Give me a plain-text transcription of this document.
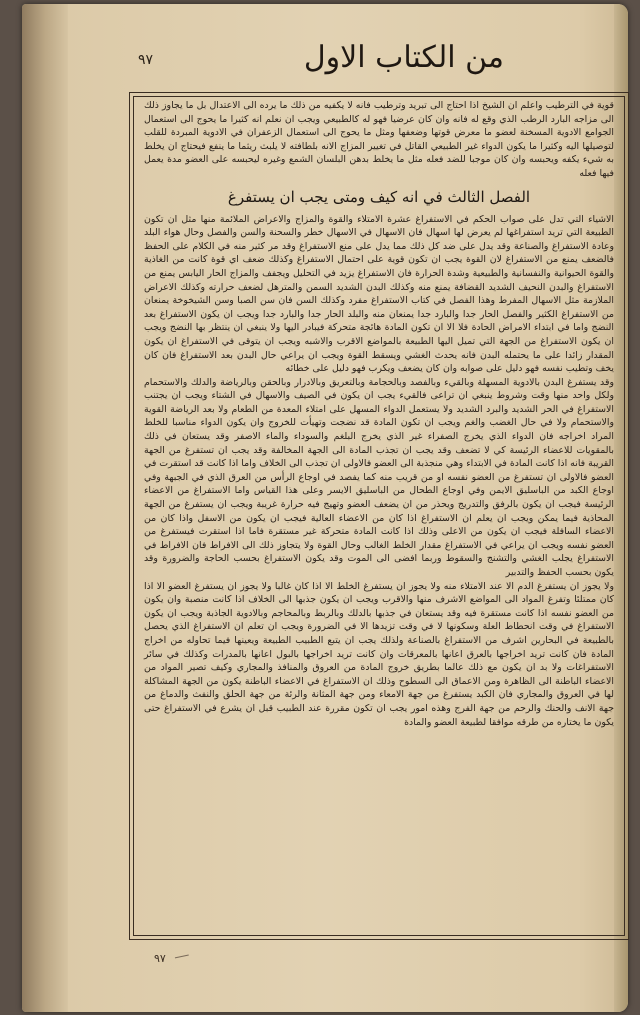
٩٧	من الكتاب الاول

قوية في الترطيب واعلم ان الشيخ اذا احتاج الى تبريد وترطيب فانه لا يكفيه من ذلك ما يرده الى الاعتدال بل ما يجاوز ذلك الى مزاجه البارد الرطب الذي وقع له فانه وان كان عرضيا فهو له كالطبيعي ويجب ان نعلم انه كثيرا ما يحوج الى استعمال الجوامع الادوية المسخنة لعضو ما معرض قوتها وضعفها ومثل ما يحوج الى استعمال الزعفران في الادوية المبردة للقلب لتوصيلها اليه وكثيرا ما يكون الدواء غير الطبيعي القاتل في تغيير المزاج الانه بلطافته لا يلبث ريثما ما ينفع فيحتاج ان يخلط به شيء يكفه ويحبسه وان كان موجبا للضد فعله مثل ما يخلط بدهن البلسان الشمع وغيره ليحبسه على العضو مدة يعمل فيها فعله

الفصل الثالث في انه كيف ومتى يجب ان يستفرغ

الاشياء التي تدل على صواب الحكم في الاستفراغ عشرة الامتلاء والقوة والمزاج والاعراض الملائمة منها مثل ان تكون الطبيعة التي تريد استفراغها لم يعرض لها اسهال فان الاسهال في الاسهال خطر والسحنة والسن والفصل وحال هواء البلد وعادة الاستفراغ والصناعة وقد يدل على ضد كل ذلك مما يدل على منع الاستفراغ وقد مر كثير منه في الكلام على الحفظ فالضعف يمنع من الاستفراغ لان القوة يجب ان تكون قوية على احتمال الاستفراغ وكذلك ضعف اي قوة كانت من الغاذية والقوة الحيوانية والنفسانية والطبيعية وشدة الحرارة فان الاستفراغ يزيد في التحليل ويجفف والمزاج الحار اليابس يمنع من الاستفراغ والبدن النحيف الشديد القضافة يمنع منه وكذلك البدن الشديد السمن والمترهل لضعف حرارته وكذلك الاعراض الملازمة مثل الاسهال المفرط وهذا الفصل في كتاب الاستفراغ مفرد وكذلك السن فان سن الصبا وسن الشيخوخة يمنعان من الاستفراغ الكثير والفصل الحار جدا والبارد جدا يمنعان منه والبلد الحار جدا والبارد جدا ويجب ان يكون الاستفراغ بعد النضج واما في ابتداء الامراض الحادة فلا الا ان تكون المادة هائجة متحركة فيبادر اليها ولا ينبغي ان ينتظر بها النضج ويجب ان يكون الاستفراغ من الجهة التي تميل اليها الطبيعة بالمواضع الاقرب والاشبه ويجب ان يتوقى في الاستفراغ ان يكون المقدار زائدا على ما يحتمله البدن فانه يحدث الغشي ويسقط القوة ويجب ان يراعي حال البدن بعد الاستفراغ فان كان يخف وتطيب نفسه فهو دليل على صوابه وان كان يضعف ويكرب فهو دليل على خطائه

وقد يستفرغ البدن بالادوية المسهلة وبالقيء وبالفصد وبالحجامة وبالتعريق وبالادرار وبالحقن وبالرياضة والدلك والاستحمام ولكل واحد منها وقت وشروط ينبغي ان تراعى فالقيء يجب ان يكون في الصيف والاسهال في الشتاء ويجب ان يجتنب الاستفراغ في الحر الشديد والبرد الشديد ولا يستعمل الدواء المسهل على امتلاء المعدة من الطعام ولا بعد الرياضة القوية والاستحمام ولا في حال الغضب والغم ويجب ان تكون المادة قد نضجت وتهيأت للخروج وان يكون الدواء مناسبا للخلط المراد اخراجه فان الدواء الذي يخرج الصفراء غير الذي يخرج البلغم والسوداء والماء الاصفر وقد يستعان في ذلك بالمقويات للاعضاء الرئيسة كي لا تضعف وقد يجب ان تجذب المادة الى الجهة المخالفة وقد يجب ان تستفرغ من الجهة القريبة فانه اذا كانت المادة في الابتداء وهي منجذبة الى العضو فالاولى ان تجذب الى الخلاف واما اذا كانت قد استقرت في العضو فالاولى ان تستفرغ من العضو نفسه او من قريب منه كما يفصد في اوجاع الرأس من العرق الذي في الجبهة وفي اوجاع الكبد من الباسليق الايمن وفي اوجاع الطحال من الباسليق الايسر وعلى هذا القياس واما الاستفراغ من الاعضاء الرئيسة فيجب ان يكون بالرفق والتدريج ويحذر من ان يضعف العضو وتهيج فيه حرارة غريبة ويجب ان يستفرغ من الجهة المحاذية فيما يمكن ويجب ان يعلم ان الاستفراغ اذا كان من الاعضاء العالية فيجب ان يكون من الاسفل واذا كان من الاعضاء السافلة فيجب ان يكون من الاعلى وذلك اذا كانت المادة متحركة غير مستقرة فاما اذا استقرت فيستفرغ من العضو نفسه ويجب ان يراعي في الاستفراغ مقدار الخلط الغالب وحال القوة ولا يتجاوز ذلك الى الافراط فان الافراط في الاستفراغ يجلب الغشي والتشنج والسقوط وربما افضى الى الموت وقد يكون الاستفراغ بحسب الحاجة والضرورة وقد يكون بحسب الحفظ والتدبير

ولا يجوز ان يستفرغ الدم الا عند الامتلاء منه ولا يجوز ان يستفرغ الخلط الا اذا كان غالبا ولا يجوز ان يستفرغ العضو الا اذا كان ممتلئا وتفرغ المواد الى المواضع الاشرف منها والاقرب ويجب ان يكون جذبها الى الخلاف اذا كانت منصبة وان يكون من العضو نفسه اذا كانت مستقرة فيه وقد يستعان في جذبها بالدلك وبالربط وبالمحاجم وبالادوية الجاذبة ويجب ان يكون الاستفراغ في وقت انحطاط العلة وسكونها لا في وقت تزيدها الا في الضرورة ويجب ان تعلم ان الاستفراغ الذي يحصل بالطبيعة في البحارين اشرف من الاستفراغ بالصناعة ولذلك يجب ان يتبع الطبيب الطبيعة ويعينها فيما تحاوله من اخراج المادة فان كانت تريد اخراجها بالعرق اعانها بالمعرقات وان كانت تريد اخراجها بالبول اعانها بالمدرات وكذلك في سائر الاستفراغات ولا بد ان يكون مع ذلك عالما بطريق خروج المادة من العروق والمنافذ والمجاري وكيف تصير المواد من الاعضاء الباطنة الى الظاهرة ومن الاعماق الى السطوح وذلك ان الاستفراغ في الاعضاء الباطنة يكون من الجهة المشاكلة لها في العروق والمجاري فان الكبد يستفرغ من جهة الامعاء ومن جهة المثانة والرئة من جهة الحلق والنفث والدماغ من جهة الانف والحنك والرحم من جهة الفرج وهذه امور يجب ان تكون مقررة عند الطبيب قبل ان يشرع في الاستفراغ حتى يكون ما يختاره من طرقه موافقا لطبيعة العضو والمادة

٩٧
